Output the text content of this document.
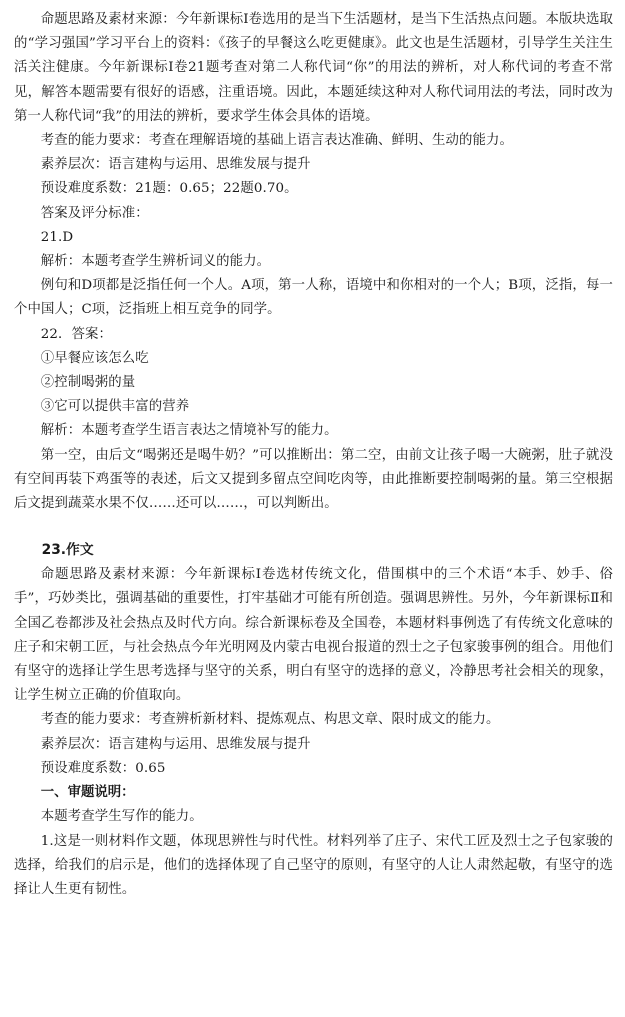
命题思路及素材来源：今年新课标Ⅰ卷选用的是当下生活题材，是当下生活热点问题。本版块选取的“学习强国”学习平台上的资料：《孩子的早餐这么吃更健康》。此文也是生活题材，引导学生关注生活关注健康。今年新课标Ⅰ卷21题考查对第二人称代词“你”的用法的辨析，对人称代词的考查不常见，解答本题需要有很好的语感，注重语境。因此，本题延续这种对人称代词用法的考法，同时改为第一人称代词“我”的用法的辨析，要求学生体会具体的语境。

考查的能力要求：考查在理解语境的基础上语言表达准确、鲜明、生动的能力。

素养层次：语言建构与运用、思维发展与提升

预设难度系数：21题：0.65；22题0.70。

答案及评分标准：

21.D

解析：本题考查学生辨析词义的能力。

例句和D项都是泛指任何一个人。A项，第一人称，语境中和你相对的一个人；B项，泛指，每一个中国人；C项，泛指班上相互竞争的同学。

22．答案：

①早餐应该怎么吃

②控制喝粥的量

③它可以提供丰富的营养

解析：本题考查学生语言表达之情境补写的能力。

第一空，由后文“喝粥还是喝牛奶？”可以推断出：第二空，由前文让孩子喝一大碗粥，肚子就没有空间再装下鸡蛋等的表述，后文又提到多留点空间吃肉等，由此推断要控制喝粥的量。第三空根据后文提到蔬菜水果不仅……还可以……，可以判断出。

23.作文

命题思路及素材来源：今年新课标Ⅰ卷选材传统文化，借围棋中的三个术语“本手、妙手、俗手”，巧妙类比，强调基础的重要性，打牢基础才可能有所创造。强调思辨性。另外，今年新课标Ⅱ和全国乙卷都涉及社会热点及时代方向。综合新课标卷及全国卷，本题材料事例选了有传统文化意味的庄子和宋朝工匠，与社会热点今年光明网及内蒙古电视台报道的烈士之子包家骏事例的组合。用他们有坚守的选择让学生思考选择与坚守的关系，明白有坚守的选择的意义，冷静思考社会相关的现象，让学生树立正确的价值取向。

考查的能力要求：考查辨析新材料、提炼观点、构思文章、限时成文的能力。

素养层次：语言建构与运用、思维发展与提升

预设难度系数：0.65

一、审题说明：

本题考查学生写作的能力。

1.这是一则材料作文题，体现思辨性与时代性。材料列举了庄子、宋代工匠及烈士之子包家骏的选择，给我们的启示是，他们的选择体现了自己坚守的原则，有坚守的人让人肃然起敬，有坚守的选择让人生更有韧性。
